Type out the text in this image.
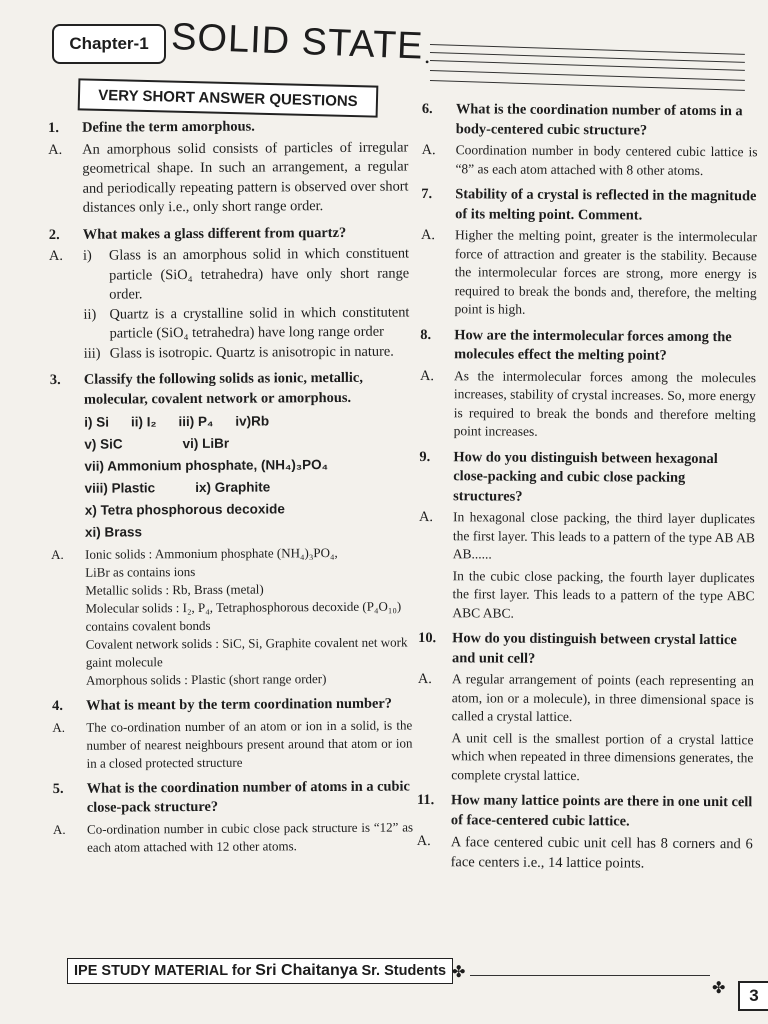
Chapter-1 SOLID STATE •
VERY SHORT ANSWER QUESTIONS
1.	Define the term amorphous.
A.	An amorphous solid consists of particles of irregular geometrical shape. In such an arrangement, a regular and periodically repeating pattern is observed over short distances only i.e., only short range order.
2.	What makes a glass different from quartz?
A.	i)	Glass is an amorphous solid in which constituent particle (SiO₄ tetrahedra) have only short range order.
ii) Quartz is a crystalline solid in which constitutent particle (SiO₄ tetrahedra) have long range order
iii) Glass is isotropic. Quartz is anisotropic in nature.
3.	Classify the following solids as ionic, metallic, molecular, covalent network or amorphous.
i) Si ii) I₂ iii) P₄ iv)Rb
v) SiC	vi) LiBr
vii) Ammonium phosphate, (NH₄)₃PO₄
viii) Plastic	ix) Graphite
x) Tetra phosphorous decoxide
xi) Brass
A.	Ionic solids : Ammonium phosphate (NH₄)₃PO₄,
LiBr as contains ions
Metallic solids : Rb, Brass (metal)
Molecular solids : I₂, P₄, Tetraphosphorous decoxide (P₄O₁₀) contains covalent bonds
Covalent network solids : SiC, Si, Graphite covalent net work gaint molecule
Amorphous solids : Plastic (short range order)
4.	What is meant by the term coordination number?
A.	The co-ordination number of an atom or ion in a solid, is the number of nearest neighbours present around that atom or ion in a closed protected structure
5.	What is the coordination number of atoms in a cubic close-pack structure?
A.	Co-ordination number in cubic close pack structure is “12” as each atom attached with 12 other atoms.
6.	What is the coordination number of atoms in a body-centered cubic structure?
A.	Coordination number in body centered cubic lattice is “8” as each atom attached with 8 other atoms.
7.	Stability of a crystal is reflected in the magnitude of its melting point. Comment.
A.	Higher the melting point, greater is the intermolecular force of attraction and greater is the stability. Because the intermolecular forces are strong, more energy is required to break the bonds and, therefore, the melting point is high.
8.	How are the intermolecular forces among the molecules effect the melting point?
A.	As the intermolecular forces among the molecules increases, stability of crystal increases. So, more energy is required to break the bonds and therefore melting point increases.
9.	How do you distinguish between hexagonal close-packing and cubic close packing structures?
A.	In hexagonal close packing, the third layer duplicates the first layer. This leads to a pattern of the type AB AB AB......

In the cubic close packing, the fourth layer duplicates the first layer. This leads to a pattern of the type ABC ABC ABC.

10.	How do you distinguish between crystal lattice and unit cell?
A.	A regular arrangement of points (each representing an atom, ion or a molecule), in three dimensional space is called a crystal lattice.

A unit cell is the smallest portion of a crystal lattice which when repeated in three dimensions generates, the complete crystal lattice.

11.	How many lattice points are there in one unit cell of face-centered cubic lattice.
A.	A face centered cubic unit cell has 8 corners and 6 face centers i.e., 14 lattice points.
IPE STUDY MATERIAL for Sri Chaitanya Sr. Students ✤
✤	3
